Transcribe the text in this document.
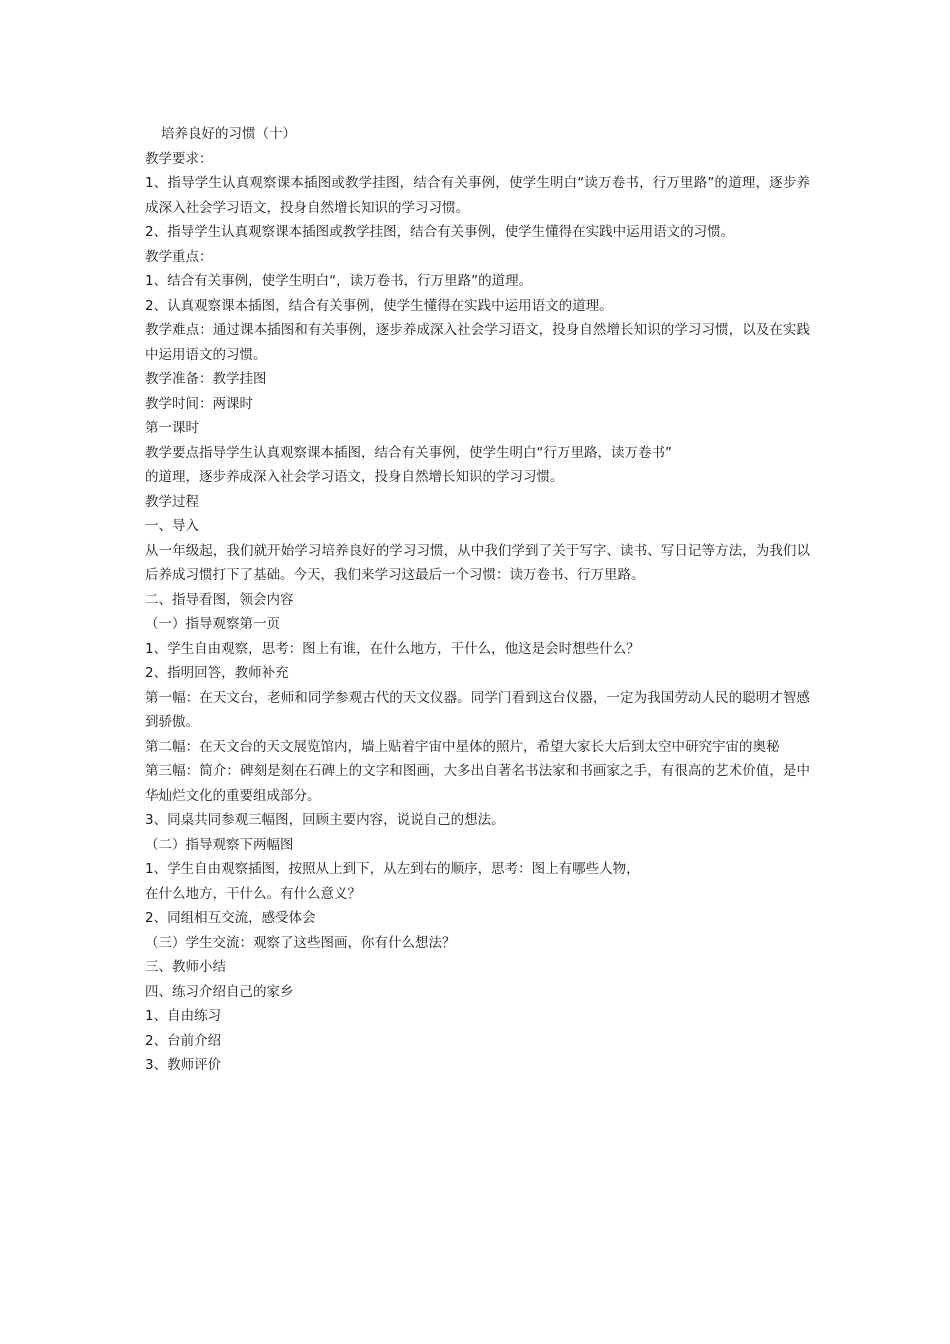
培养良好的习惯（十）

教学要求：

1、指导学生认真观察课本插图或教学挂图，结合有关事例，使学生明白“读万卷书，行万里路”的道理，逐步养成深入社会学习语文，投身自然增长知识的学习习惯。

2、指导学生认真观察课本插图或教学挂图，结合有关事例，使学生懂得在实践中运用语文的习惯。

教学重点：

1、结合有关事例，使学生明白“，读万卷书，行万里路”的道理。

2、认真观察课本插图，结合有关事例，使学生懂得在实践中运用语文的道理。

教学难点：通过课本插图和有关事例，逐步养成深入社会学习语文，投身自然增长知识的学习习惯，以及在实践中运用语文的习惯。

教学准备：教学挂图

教学时间：两课时

第一课时

教学要点指导学生认真观察课本插图，结合有关事例，使学生明白“行万里路，读万卷书”

的道理，逐步养成深入社会学习语文，投身自然增长知识的学习习惯。

教学过程

一、导入

从一年级起，我们就开始学习培养良好的学习习惯，从中我们学到了关于写字、读书、写日记等方法，为我们以后养成习惯打下了基础。今天，我们来学习这最后一个习惯：读万卷书、行万里路。

二、指导看图，领会内容

（一）指导观察第一页

1、学生自由观察，思考：图上有谁，在什么地方，干什么，他这是会时想些什么？

2、指明回答，教师补充

第一幅：在天文台，老师和同学参观古代的天文仪器。同学门看到这台仪器，一定为我国劳动人民的聪明才智感到骄傲。

第二幅：在天文台的天文展览馆内，墙上贴着宇宙中星体的照片，希望大家长大后到太空中研究宇宙的奥秘

第三幅：简介：碑刻是刻在石碑上的文字和图画，大多出自著名书法家和书画家之手，有很高的艺术价值，是中华灿烂文化的重要组成部分。

3、同桌共同参观三幅图，回顾主要内容，说说自己的想法。

（二）指导观察下两幅图

1、学生自由观察插图，按照从上到下，从左到右的顺序，思考：图上有哪些人物，

在什么地方，干什么。有什么意义？

2、同组相互交流，感受体会

（三）学生交流：观察了这些图画，你有什么想法？

三、教师小结

四、练习介绍自己的家乡

1、自由练习

2、台前介绍

3、教师评价
